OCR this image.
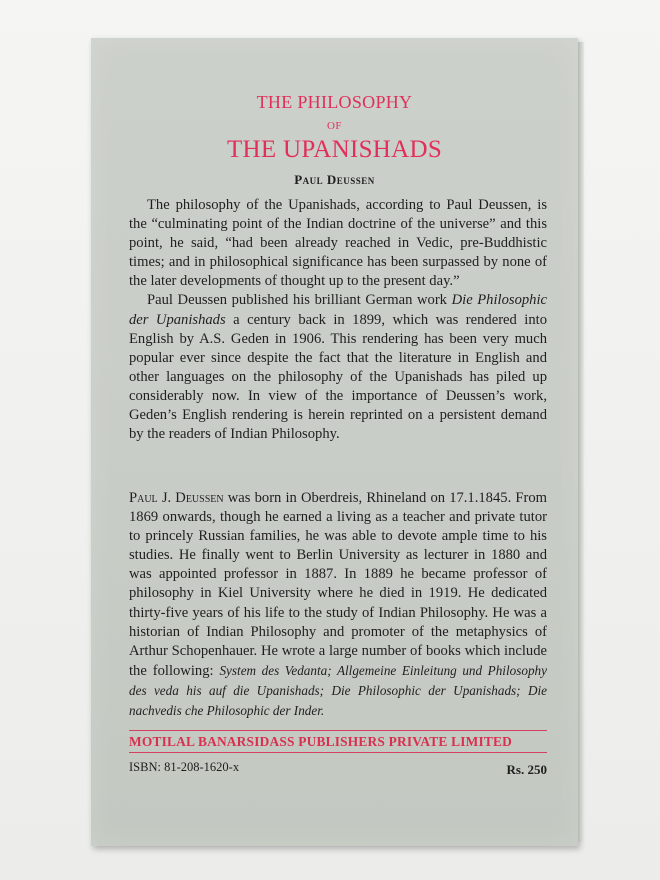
THE PHILOSOPHY
OF
THE UPANISHADS
Paul Deussen

The philosophy of the Upanishads, according to Paul Deussen, is the “culminating point of the Indian doctrine of the universe” and this point, he said, “had been already reached in Vedic, pre-Buddhistic times; and in philosophical significance has been surpassed by none of the later developments of thought up to the present day.”

Paul Deussen published his brilliant German work Die Philosophic der Upanishads a century back in 1899, which was rendered into English by A.S. Geden in 1906. This rendering has been very much popular ever since despite the fact that the literature in English and other languages on the philosophy of the Upanishads has piled up considerably now. In view of the importance of Deussen’s work, Geden’s English rendering is herein reprinted on a persistent demand by the readers of Indian Philosophy.

Paul J. Deussen was born in Oberdreis, Rhineland on 17.1.1845. From 1869 onwards, though he earned a living as a teacher and private tutor to princely Russian families, he was able to devote ample time to his studies. He finally went to Berlin University as lecturer in 1880 and was appointed professor in 1887. In 1889 he became professor of philosophy in Kiel University where he died in 1919. He dedicated thirty-five years of his life to the study of Indian Philosophy. He was a historian of Indian Philosophy and promoter of the metaphysics of Arthur Schopenhauer. He wrote a large number of books which include the following: System des Vedanta; Allgemeine Einleitung und Philosophy des veda his auf die Upanishads; Die Philosophic der Upanishads; Die nachvedis che Philosophic der Inder.
MOTILAL BANARSIDASS PUBLISHERS PRIVATE LIMITED
ISBN: 81-208-1620-x	Rs. 250
